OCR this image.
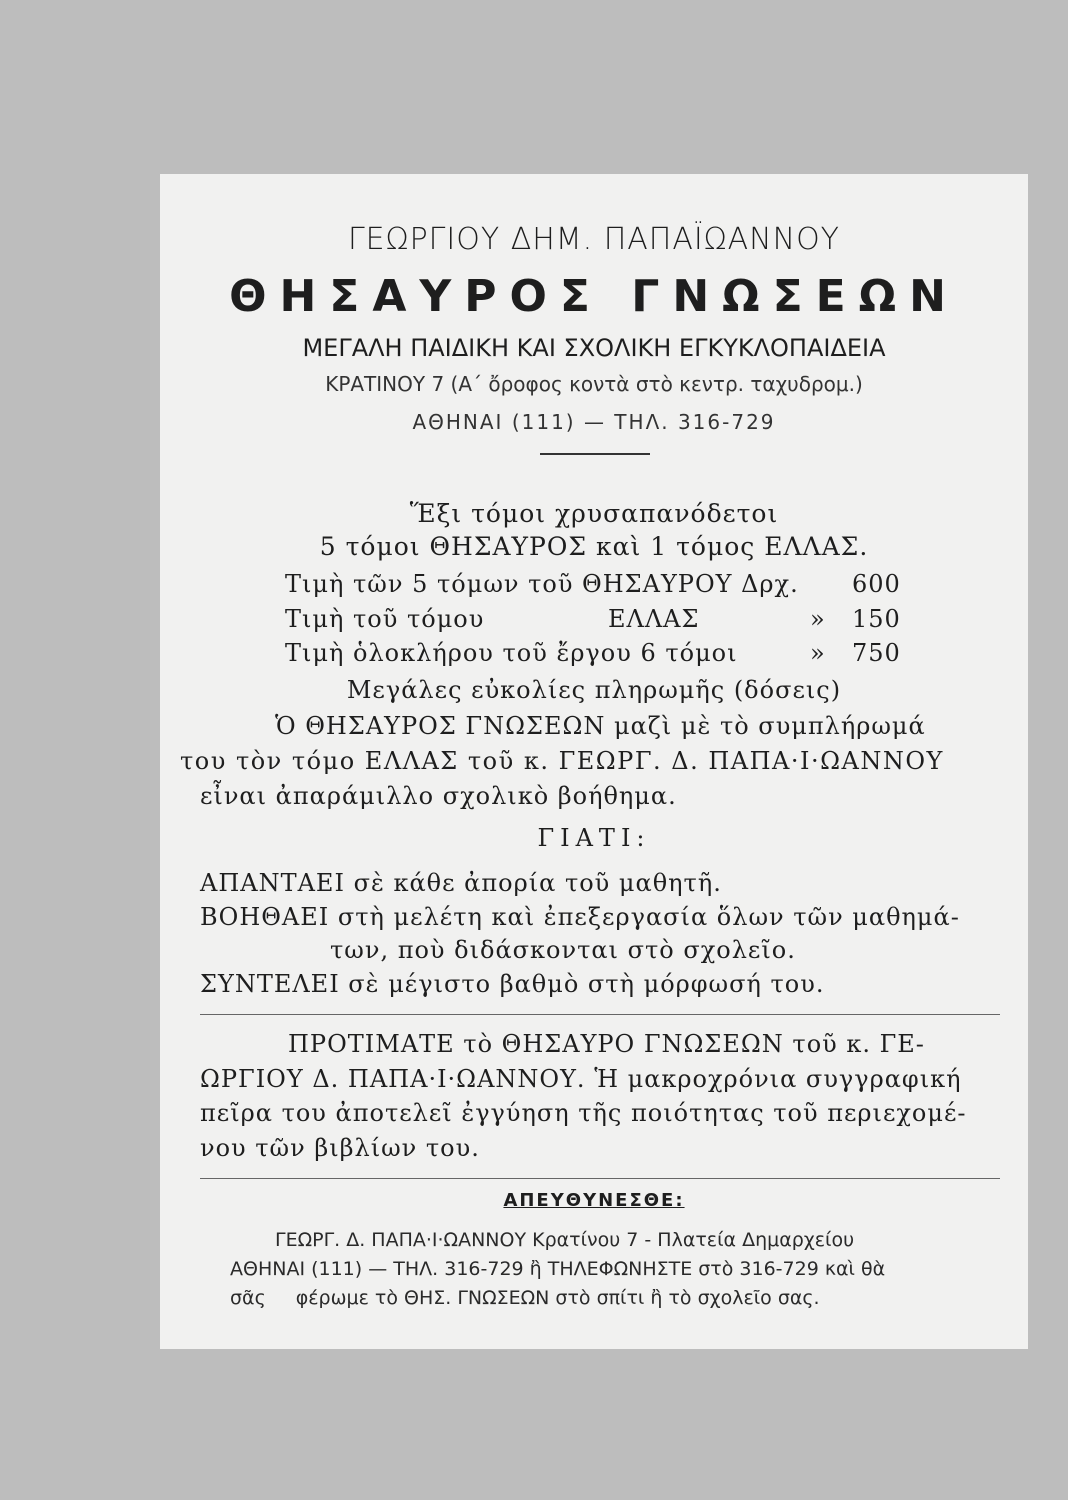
ΓΕΩΡΓΙΟΥ ΔΗΜ. ΠΑΠΑΪΩΑΝΝΟΥ
ΘΗΣΑΥΡΟΣ ΓΝΩΣΕΩΝ
ΜΕΓΑΛΗ ΠΑΙΔΙΚΗ ΚΑΙ ΣΧΟΛΙΚΗ ΕΓΚΥΚΛΟΠΑΙΔΕΙΑ
ΚΡΑΤΙΝΟΥ 7 (Α΄ ὄροφος κοντὰ στὸ κεντρ. ταχυδρομ.)
ΑΘΗΝΑΙ (111) — ΤΗΛ. 316-729
Ἕξι τόμοι χρυσαπανόδετοι
5 τόμοι ΘΗΣΑΥΡΟΣ καὶ 1 τόμος ΕΛΛΑΣ.
Τιμὴ τῶν 5 τόμων τοῦ ΘΗΣΑΥΡΟΥ Δρχ. 600
Τιμὴ τοῦ τόμου	ΕΛΛΑΣ	» 150
Τιμὴ ὁλοκλήρου τοῦ ἔργου 6 τόμοι	» 750
Μεγάλες εὐκολίες πληρωμῆς (δόσεις)
Ὁ ΘΗΣΑΥΡΟΣ ΓΝΩΣΕΩΝ μαζὶ μὲ τὸ συμπλήρωμά
του τὸν τόμο ΕΛΛΑΣ τοῦ κ. ΓΕΩΡΓ. Δ. ΠΑΠΑ·Ι·ΩΑΝΝΟΥ
εἶναι ἀπαράμιλλο σχολικὸ βοήθημα.
ΓΙΑΤΙ:
ΑΠΑΝΤΑΕΙ σὲ κάθε ἀπορία τοῦ μαθητῆ.
ΒΟΗΘΑΕΙ στὴ μελέτη καὶ ἐπεξεργασία ὅλων τῶν μαθημά-
των, ποὺ διδάσκονται στὸ σχολεῖο.
ΣΥΝΤΕΛΕΙ σὲ μέγιστο βαθμὸ στὴ μόρφωσή του.
ΠΡΟΤΙΜΑΤΕ τὸ ΘΗΣΑΥΡΟ ΓΝΩΣΕΩΝ τοῦ κ. ΓΕ-
ΩΡΓΙΟΥ Δ. ΠΑΠΑ·Ι·ΩΑΝΝΟΥ. Ἡ μακροχρόνια συγγραφική
πεῖρα του ἀποτελεῖ ἐγγύηση τῆς ποιότητας τοῦ περιεχομέ-
νου τῶν βιβλίων του.
ΑΠΕΥΘΥΝΕΣΘΕ:
ΓΕΩΡΓ. Δ. ΠΑΠΑ·Ι·ΩΑΝΝΟΥ Κρατίνου 7 - Πλατεία Δημαρχείου
ΑΘΗΝΑΙ (111) — ΤΗΛ. 316-729 ἢ ΤΗΛΕΦΩΝΗΣΤΕ στὸ 316-729 καὶ θὰ
σᾶς φέρωμε τὸ ΘΗΣ. ΓΝΩΣΕΩΝ στὸ σπίτι ἢ τὸ σχολεῖο σας.
